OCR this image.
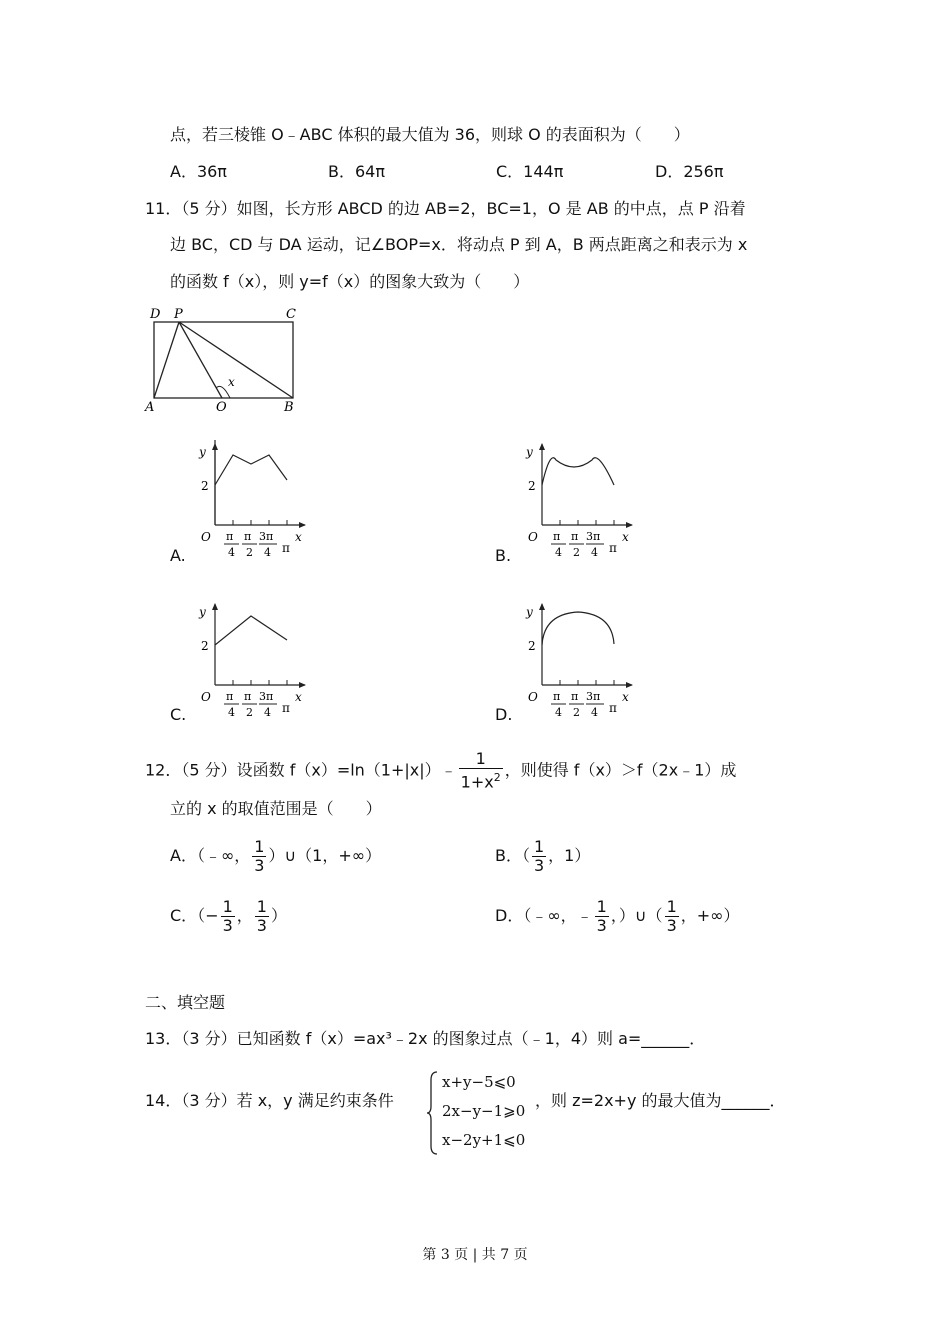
点，若三棱锥 O﹣ABC 体积的最大值为 36，则球 O 的表面积为（　　）
A．36π	B．64π	C．144π	D．256π
11．（5 分）如图，长方形 ABCD 的边 AB=2，BC=1，O 是 AB 的中点，点 P 沿着
边 BC，CD 与 DA 运动，记∠BOP=x．将动点 P 到 A，B 两点距离之和表示为 x
的函数 f（x），则 y=f（x）的图象大致为（　　）
D P	C
A	O	B
x
A.
y
2
O	x
π
4
π
2
3π
4 π	B.
y
2
O	x
π
4
π
2
3π
4 π
C.
y
2
O	x
π
4
π
2
3π
4 π	D.
y
2
O	x
π
4
π
2
3π
4 π
12．（5 分）设函数 f（x）=ln（1+|x|）﹣ $\frac{1}{1+x^2}$ ，则使得 f（x）＞f（2x﹣1）成
立的 x 的取值范围是（　　）
A．（﹣∞， $\frac{1}{3}$ ）∪（1，+∞）	B．（ $\frac{1}{3}$ ，1）
C．（− $\frac{1}{3}$ ， $\frac{1}{3}$ ）	D．（﹣∞，﹣ $\frac{1}{3}$ ，）∪（ $\frac{1}{3}$ ，+∞）
二、填空题
13．（3 分）已知函数 f（x）=ax³﹣2x 的图象过点（﹣1，4）则 a=______．
14．（3 分）若 x，y 满足约束条件
x+y−5⩽0
2x−y−1⩾0
x−2y+1⩽0
，则 z=2x+y 的最大值为______．
第 3 页 | 共 7 页
